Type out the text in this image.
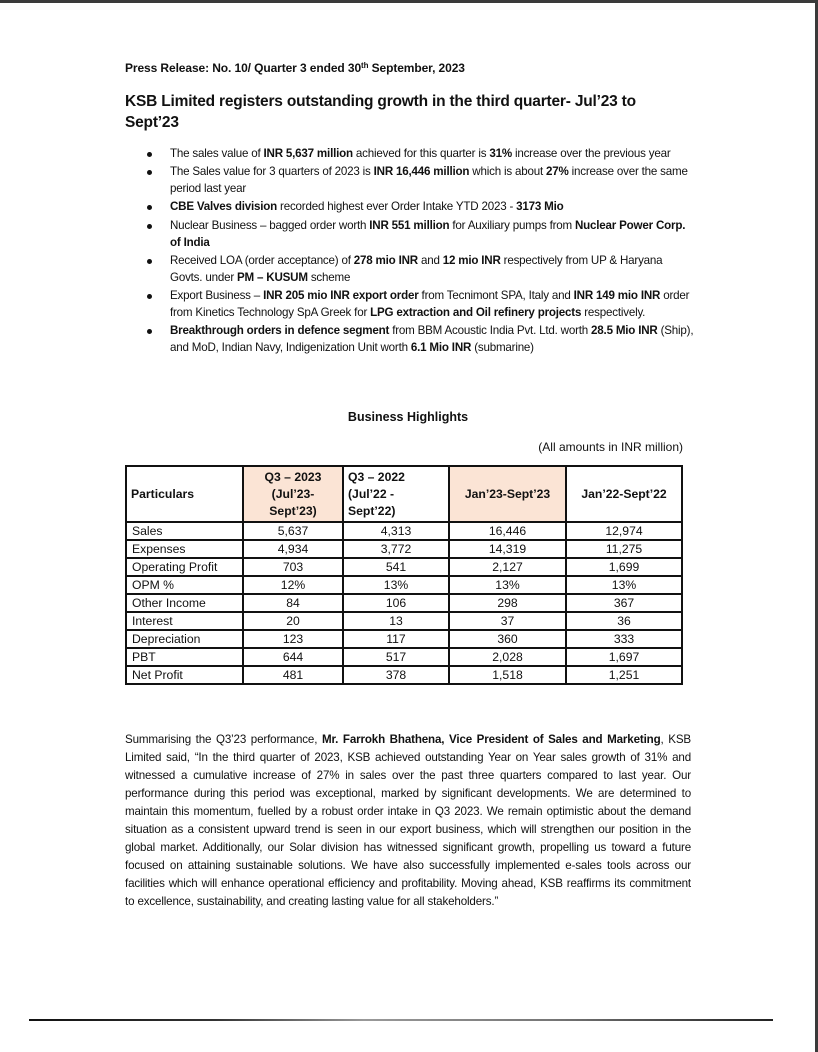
Press Release: No. 10/ Quarter 3 ended 30th September, 2023
KSB Limited registers outstanding growth in the third quarter- Jul’23 to Sept’23
The sales value of INR 5,637 million achieved for this quarter is 31% increase over the previous year
The Sales value for 3 quarters of 2023 is INR 16,446 million which is about 27% increase over the same period last year
CBE Valves division recorded highest ever Order Intake YTD 2023 - 3173 Mio
Nuclear Business – bagged order worth INR 551 million for Auxiliary pumps from Nuclear Power Corp. of India
Received LOA (order acceptance) of 278 mio INR and 12 mio INR respectively from UP & Haryana Govts. under PM – KUSUM scheme
Export Business – INR 205 mio INR export order from Tecnimont SPA, Italy and INR 149 mio INR order from Kinetics Technology SpA Greek for LPG extraction and Oil refinery projects respectively.
Breakthrough orders in defence segment from BBM Acoustic India Pvt. Ltd. worth 28.5 Mio INR (Ship), and MoD, Indian Navy, Indigenization Unit worth 6.1 Mio INR (submarine)
Business Highlights
(All amounts in INR million)
Particulars	Q3 – 2023
(Jul’23-
Sept’23)	Q3 – 2022
(Jul’22 -
Sept’22)	Jan’23-Sept’23	Jan’22-Sept’22
Sales	5,637	4,313	16,446	12,974
Expenses	4,934	3,772	14,319	11,275
Operating Profit	703	541	2,127	1,699
OPM %	12%	13%	13%	13%
Other Income	84	106	298	367
Interest	20	13	37	36
Depreciation	123	117	360	333
PBT	644	517	2,028	1,697
Net Profit	481	378	1,518	1,251
Summarising the Q3’23 performance, Mr. Farrokh Bhathena, Vice President of Sales and Marketing, KSB Limited said, “In the third quarter of 2023, KSB achieved outstanding Year on Year sales growth of 31% and witnessed a cumulative increase of 27% in sales over the past three quarters compared to last year. Our performance during this period was exceptional, marked by significant developments. We are determined to maintain this momentum, fuelled by a robust order intake in Q3 2023. We remain optimistic about the demand situation as a consistent upward trend is seen in our export business, which will strengthen our position in the global market. Additionally, our Solar division has witnessed significant growth, propelling us toward a future focused on attaining sustainable solutions. We have also successfully implemented e-sales tools across our facilities which will enhance operational efficiency and profitability. Moving ahead, KSB reaffirms its commitment to excellence, sustainability, and creating lasting value for all stakeholders.”
